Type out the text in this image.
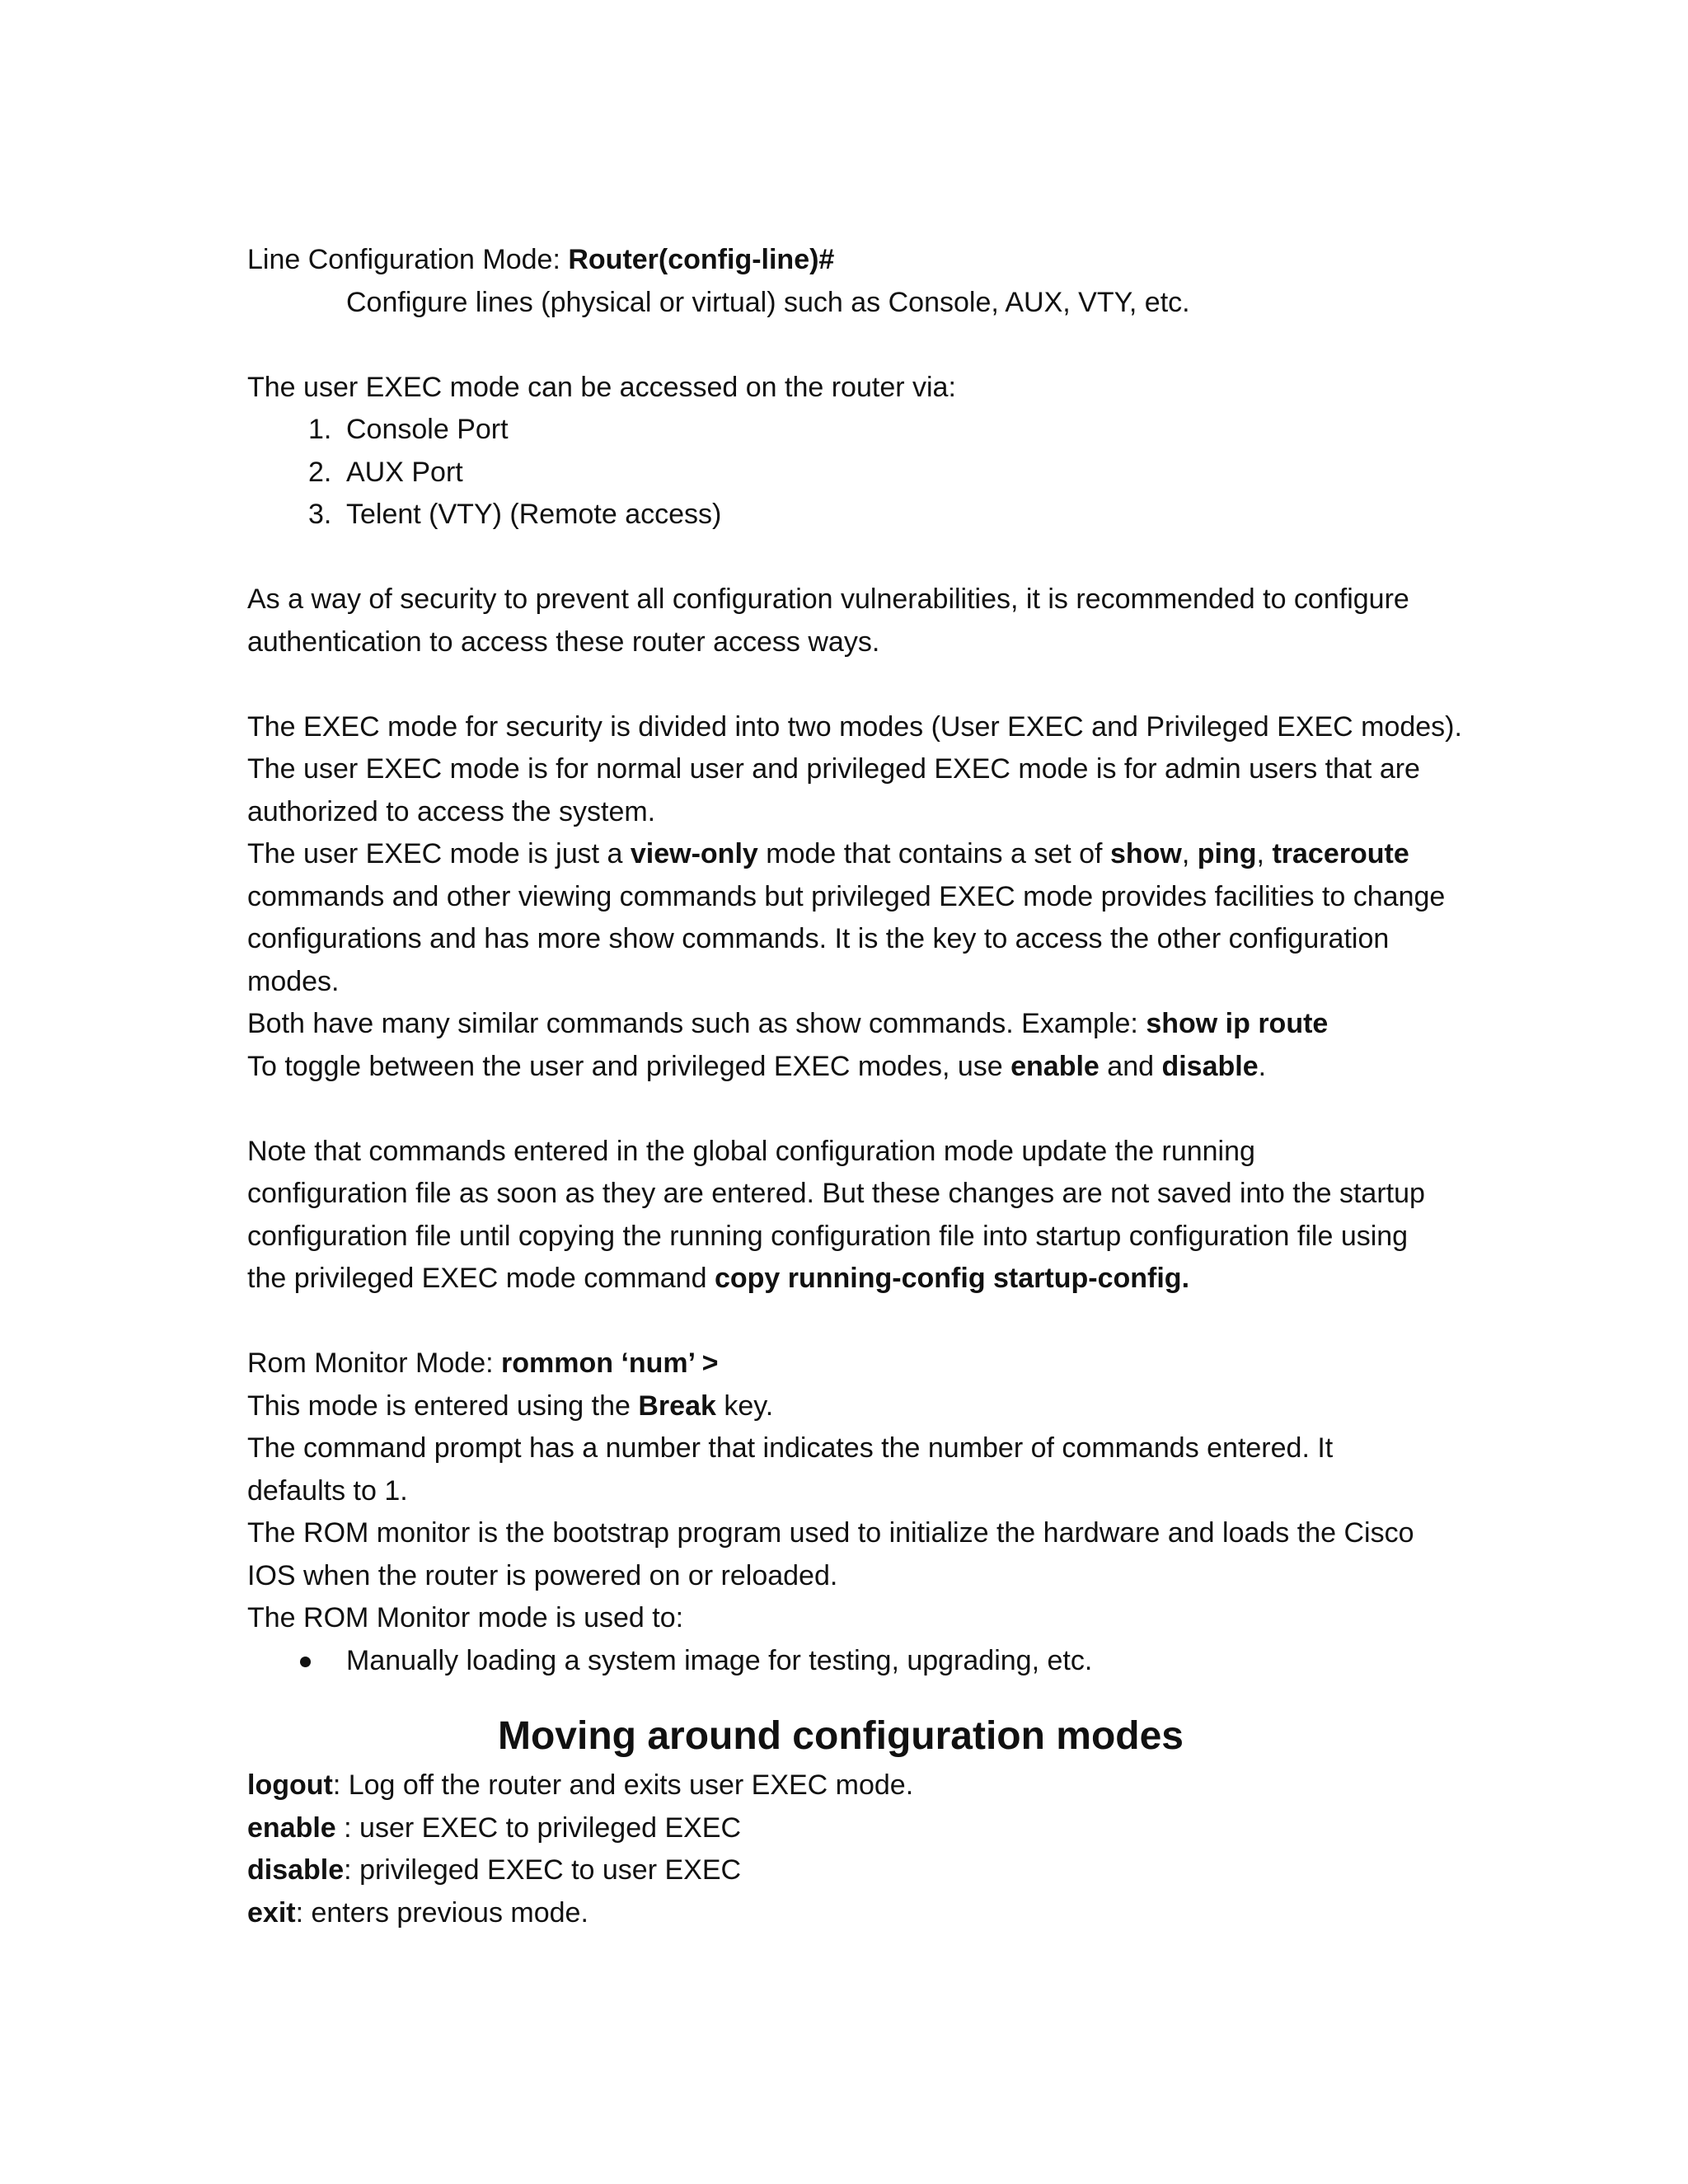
Line Configuration Mode: Router(config-line)#
Configure lines (physical or virtual) such as Console, AUX, VTY, etc.
The user EXEC mode can be accessed on the router via:
1. Console Port
2. AUX Port
3. Telent (VTY) (Remote access)
As a way of security to prevent all configuration vulnerabilities, it is recommended to configure
authentication to access these router access ways.
The EXEC mode for security is divided into two modes (User EXEC and Privileged EXEC modes).
The user EXEC mode is for normal user and privileged EXEC mode is for admin users that are
authorized to access the system.
The user EXEC mode is just a view-only mode that contains a set of show, ping, traceroute
commands and other viewing commands but privileged EXEC mode provides facilities to change
configurations and has more show commands. It is the key to access the other configuration
modes.
Both have many similar commands such as show commands. Example: show ip route
To toggle between the user and privileged EXEC modes, use enable and disable.
Note that commands entered in the global configuration mode update the running
configuration file as soon as they are entered. But these changes are not saved into the startup
configuration file until copying the running configuration file into startup configuration file using
the privileged EXEC mode command copy running-config startup-config.
Rom Monitor Mode: rommon ‘num’ >
This mode is entered using the Break key.
The command prompt has a number that indicates the number of commands entered. It
defaults to 1.
The ROM monitor is the bootstrap program used to initialize the hardware and loads the Cisco
IOS when the router is powered on or reloaded.
The ROM Monitor mode is used to:
Manually loading a system image for testing, upgrading, etc.
Moving around configuration modes
logout: Log off the router and exits user EXEC mode.
enable : user EXEC to privileged EXEC
disable: privileged EXEC to user EXEC
exit: enters previous mode.
